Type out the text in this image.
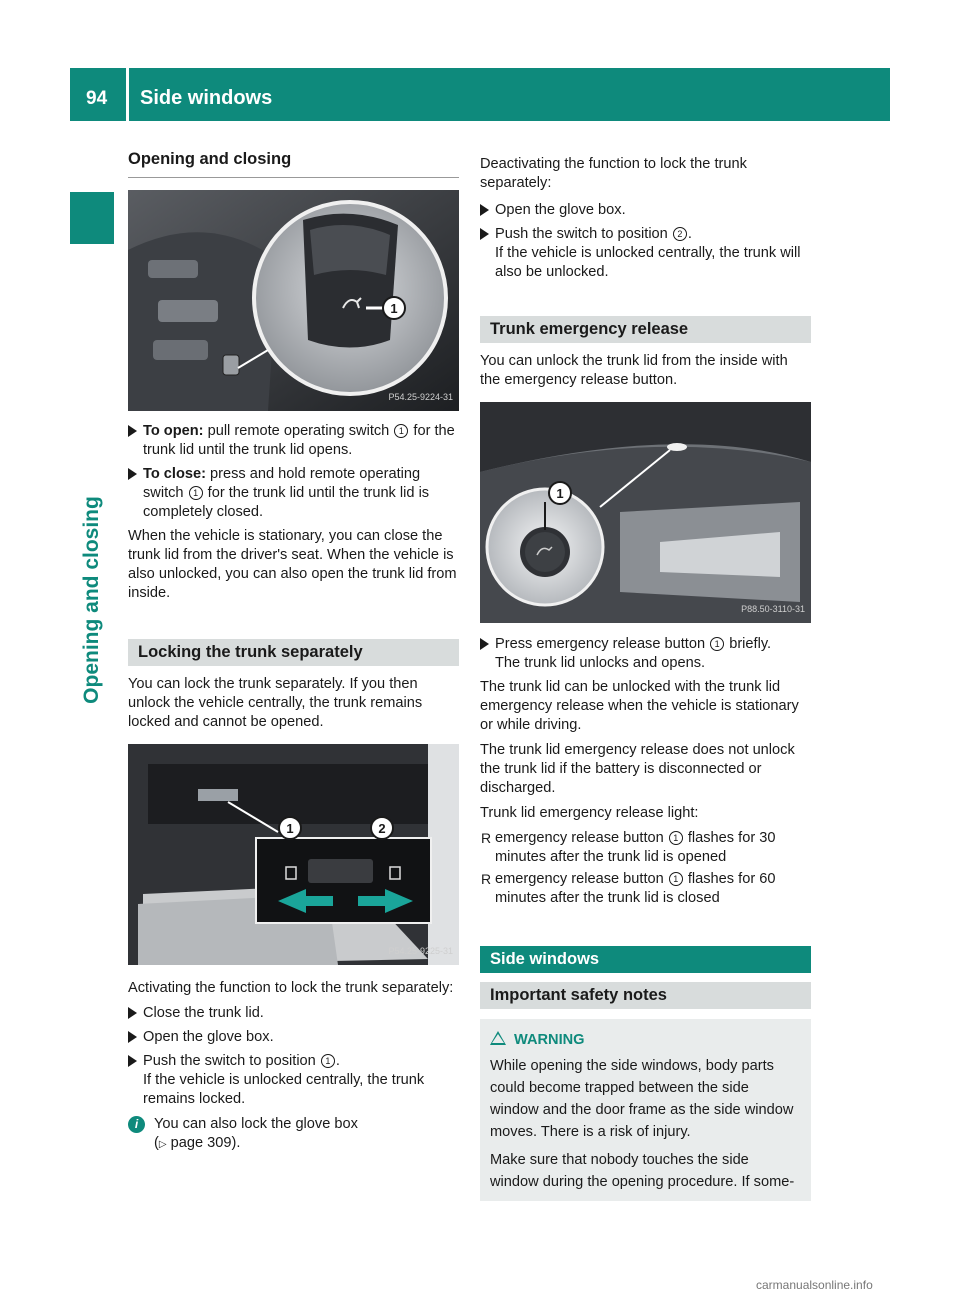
94 Side windows
Opening and closing
Opening and closing
1
P54.25-9224-31
To open: pull remote operating switch 1 for the trunk lid until the trunk lid opens.
To close: press and hold remote operating switch 1 for the trunk lid until the trunk lid is completely closed.

When the vehicle is stationary, you can close the trunk lid from the driver's seat. When the vehicle is also unlocked, you can also open the trunk lid from inside.

Locking the trunk separately

You can lock the trunk separately. If you then unlock the vehicle centrally, the trunk remains locked and cannot be opened.

1	2
P54.25-9225-31

Activating the function to lock the trunk separately:

Close the trunk lid.
Open the glove box.
Push the switch to position 1 .
If the vehicle is unlocked centrally, the trunk remains locked.
i	You can also lock the glove box
(▷ page 309).

Deactivating the function to lock the trunk separately:

Open the glove box.
Push the switch to position 2 .
If the vehicle is unlocked centrally, the trunk will also be unlocked.
Trunk emergency release

You can unlock the trunk lid from the inside with the emergency release button.

1
P88.50-3110-31
Press emergency release button 1 briefly.
The trunk lid unlocks and opens.

The trunk lid can be unlocked with the trunk lid emergency release when the vehicle is stationary or while driving.

The trunk lid emergency release does not unlock the trunk lid if the battery is disconnected or discharged.

Trunk lid emergency release light:

R emergency release button 1 flashes for 30 minutes after the trunk lid is opened
R emergency release button 1 flashes for 60 minutes after the trunk lid is closed
Side windows
Important safety notes
WARNING

While opening the side windows, body parts could become trapped between the side window and the door frame as the side window moves. There is a risk of injury.

Make sure that nobody touches the side window during the opening procedure. If some-

carmanualsonline.info
